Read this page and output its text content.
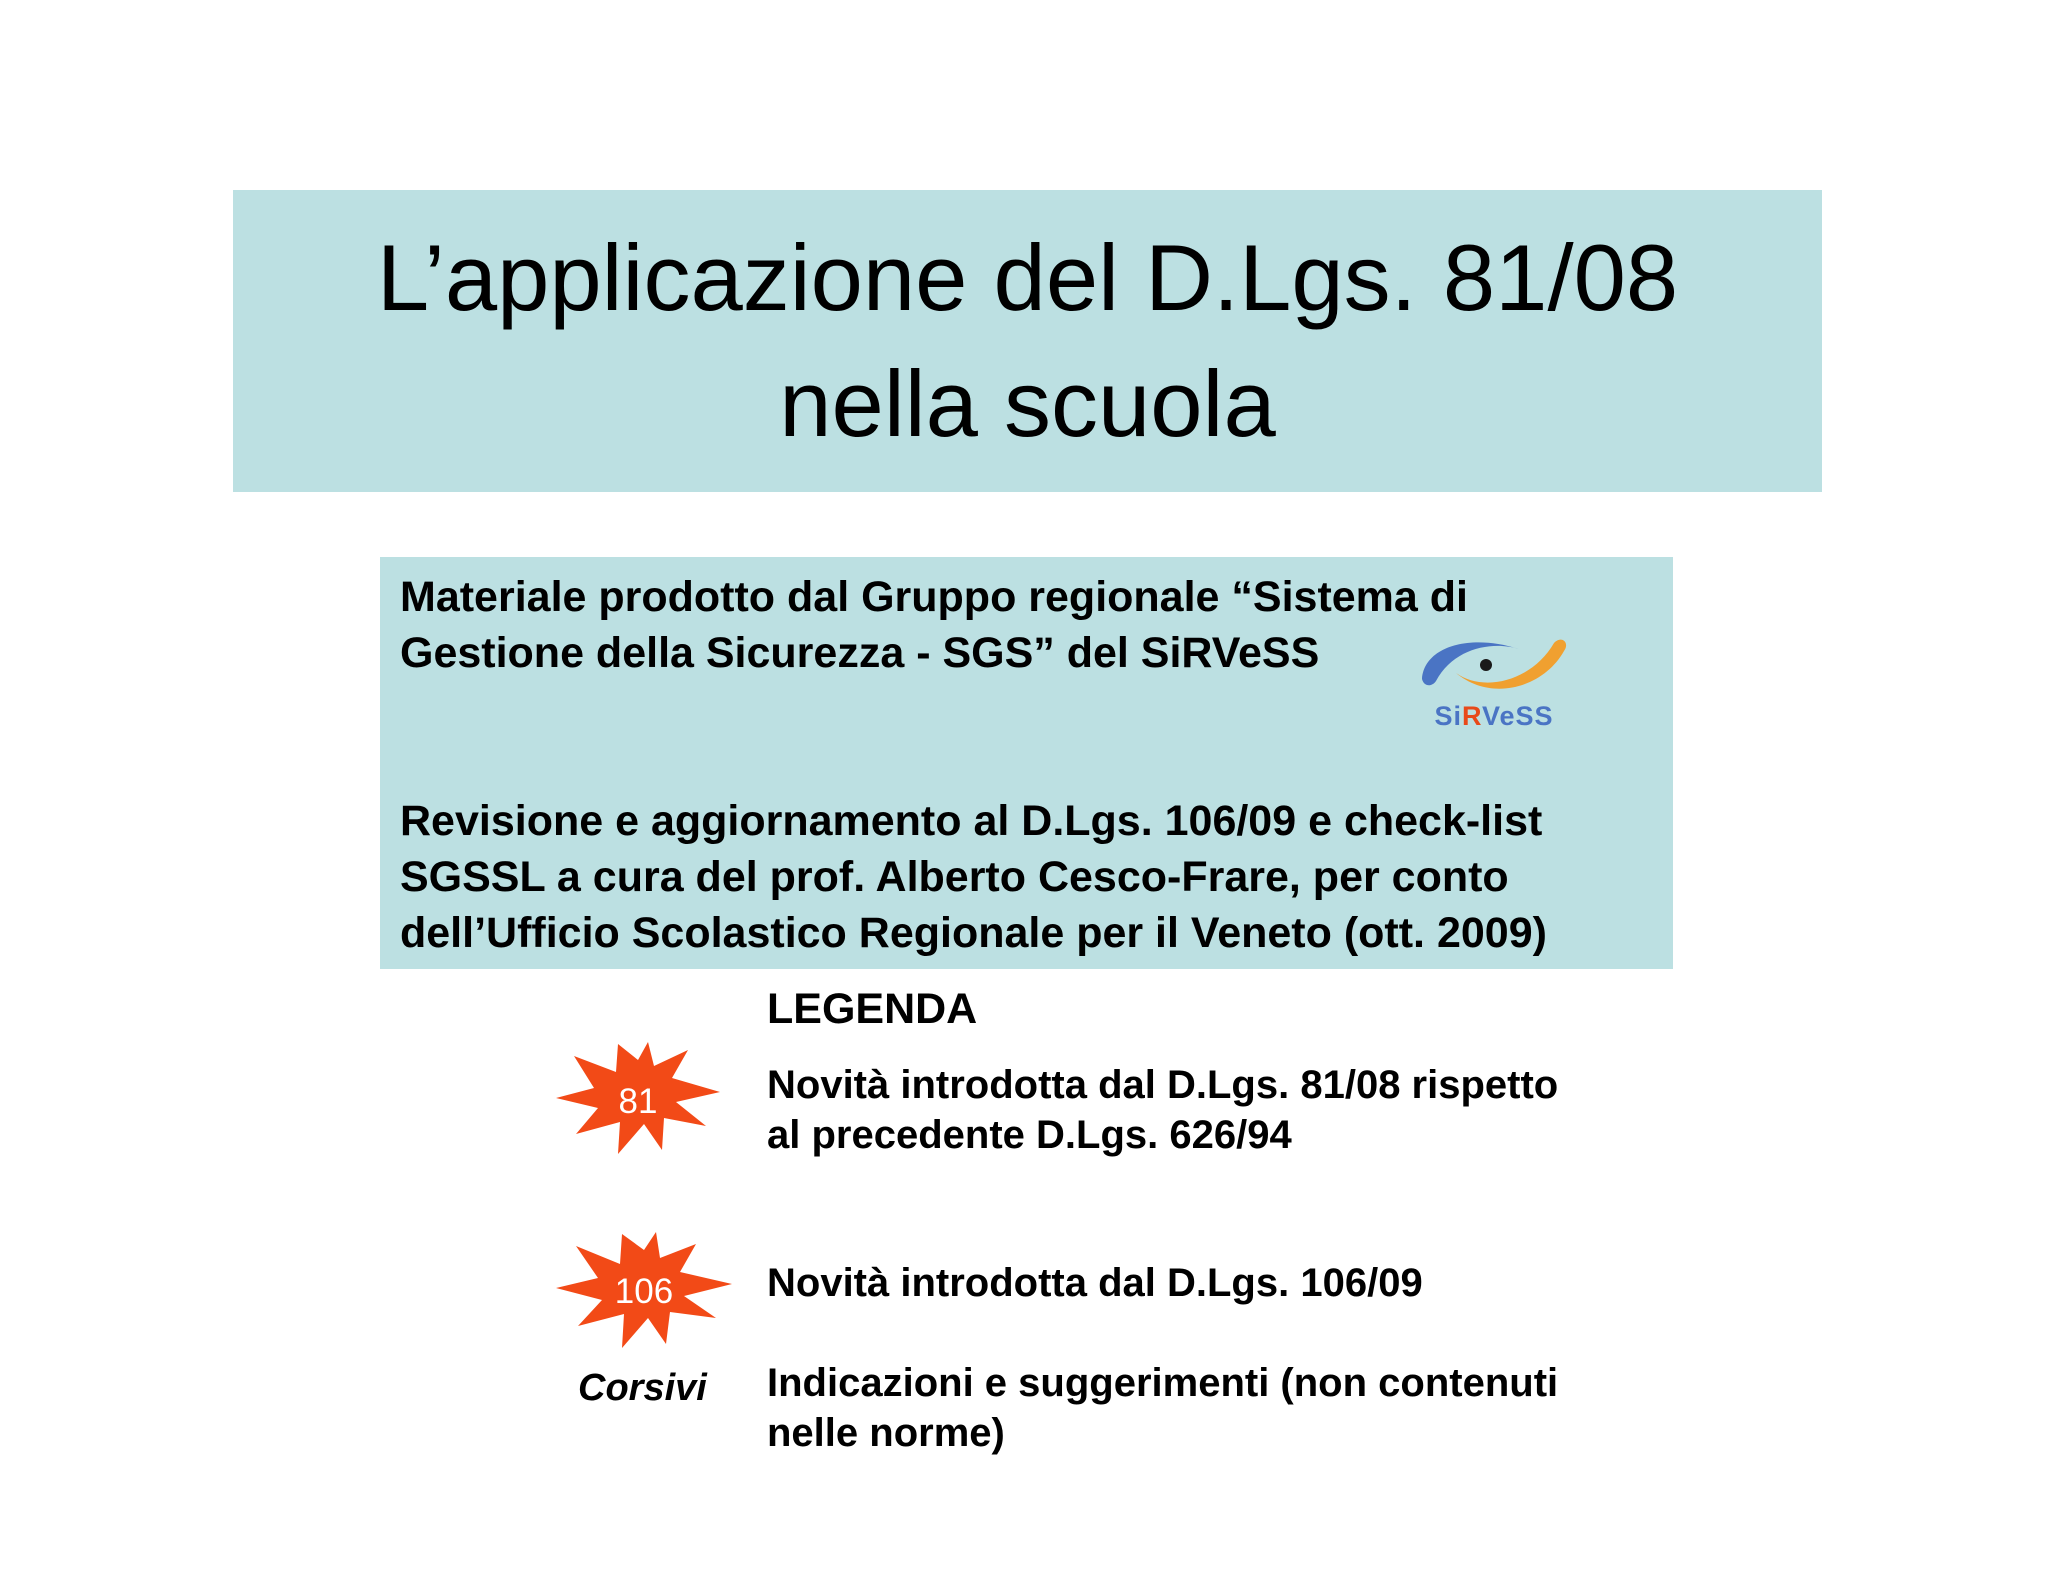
L’applicazione del D.Lgs. 81/08
nella scuola
Materiale prodotto dal Gruppo regionale “Sistema di
Gestione della Sicurezza - SGS” del SiRVeSS
SiRVeSS
Revisione e aggiornamento al D.Lgs. 106/09 e check-list
SGSSL a cura del prof. Alberto Cesco-Frare, per conto
dell’Ufficio Scolastico Regionale per il Veneto (ott. 2009)
LEGENDA
81	Novità introdotta dal D.Lgs. 81/08 rispetto
al precedente D.Lgs. 626/94
106	Novità introdotta dal D.Lgs. 106/09
Corsivi Indicazioni e suggerimenti (non contenuti
nelle norme)
